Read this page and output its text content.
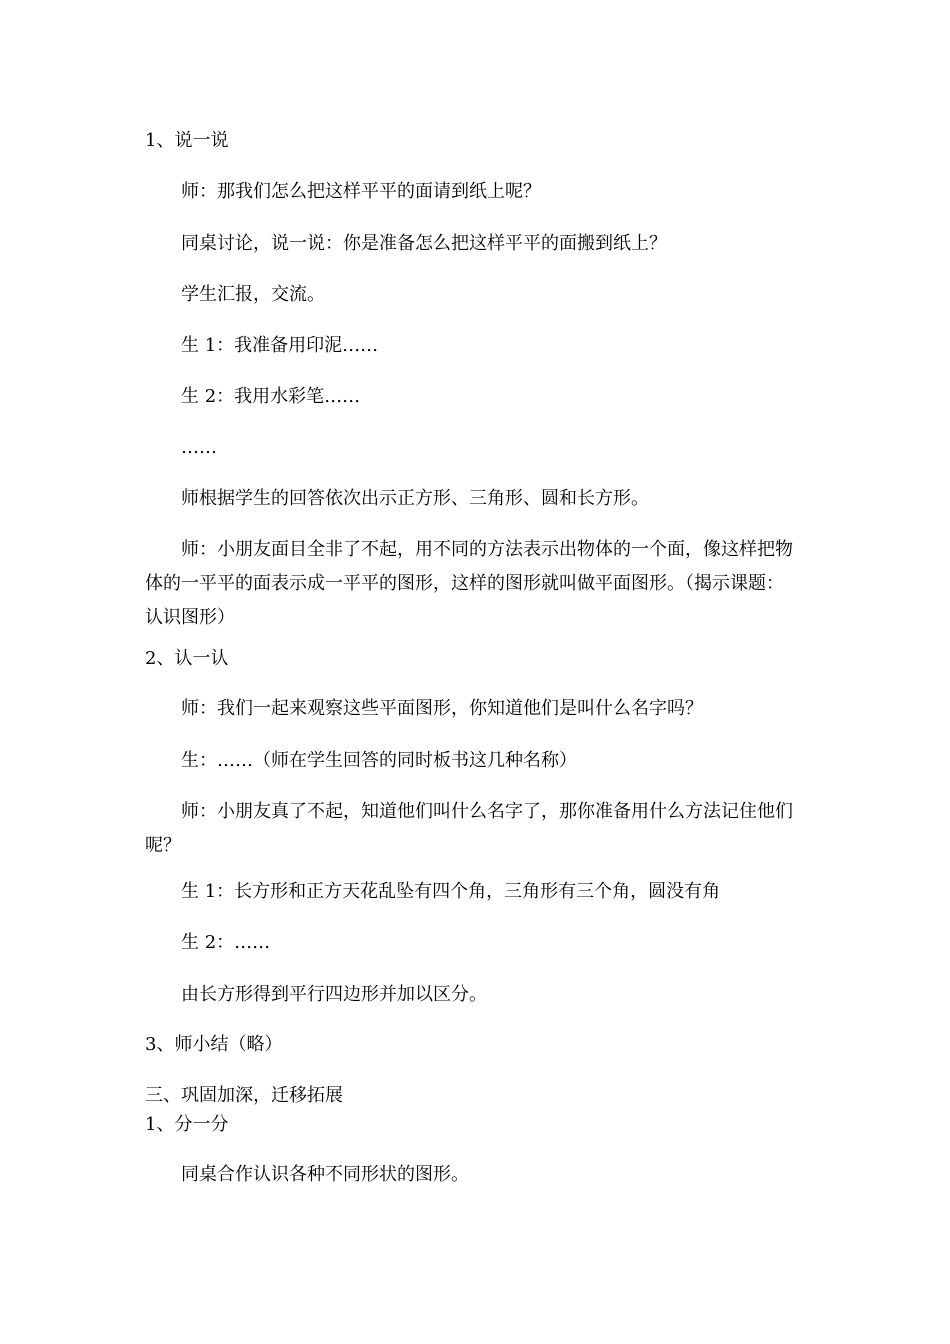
1、说一说
师：那我们怎么把这样平平的面请到纸上呢？
同桌讨论，说一说：你是准备怎么把这样平平的面搬到纸上？
学生汇报，交流。
生 1：我准备用印泥……
生 2：我用水彩笔……
……
师根据学生的回答依次出示正方形、三角形、圆和长方形。
师：小朋友面目全非了不起，用不同的方法表示出物体的一个面，像这样把物体的一平平的面表示成一平平的图形，这样的图形就叫做平面图形。（揭示课题：认识图形）
2、认一认
师：我们一起来观察这些平面图形，你知道他们是叫什么名字吗？
生：……（师在学生回答的同时板书这几种名称）
师：小朋友真了不起，知道他们叫什么名字了，那你准备用什么方法记住他们呢？
生 1：长方形和正方天花乱坠有四个角，三角形有三个角，圆没有角
生 2：……
由长方形得到平行四边形并加以区分。
3、师小结（略）
三、巩固加深，迁移拓展
1、分一分
同桌合作认识各种不同形状的图形。
